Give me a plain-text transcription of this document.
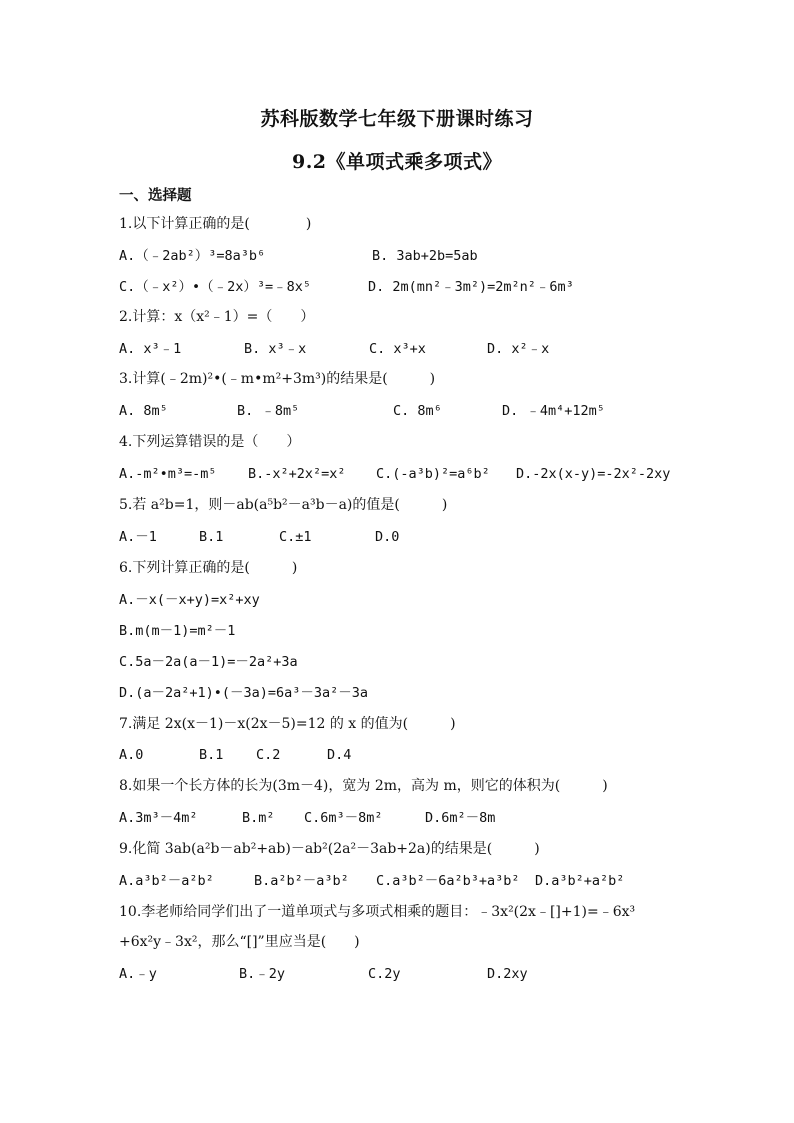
苏科版数学七年级下册课时练习
9.2《单项式乘多项式》
一、选择题
1.以下计算正确的是(　　　　)
A.（﹣2ab²）³=8a³b⁶	B. 3ab+2b=5ab
C.（﹣x²）•（﹣2x）³=﹣8x⁵	D. 2m(mn²﹣3m²)=2m²n²﹣6m³
2.计算：x（x²﹣1）=（　　）
A. x³﹣1	B. x³﹣x	C. x³+x	D. x²﹣x
3.计算(﹣2m)²•(﹣m•m²+3m³)的结果是(　　　)
A. 8m⁵	B. ﹣8m⁵	C. 8m⁶	D. ﹣4m⁴+12m⁵
4.下列运算错误的是（　　）
A.-m²•m³=-m⁵ B.-x²+2x²=x² C.(-a³b)²=a⁶b² D.-2x(x-y)=-2x²-2xy
5.若 a²b=1，则－ab(a⁵b²－a³b－a)的值是(　　　)
A.－1	B.1	C.±1	D.0
6.下列计算正确的是(　　　)
A.－x(－x+y)=x²+xy
B.m(m－1)=m²－1
C.5a－2a(a－1)=－2a²+3a
D.(a－2a²+1)•(－3a)=6a³－3a²－3a
7.满足 2x(x－1)－x(2x－5)=12 的 x 的值为(　　　)
A.0	B.1 C.2	D.4
8.如果一个长方体的长为(3m－4)，宽为 2m，高为 m，则它的体积为(　　　)
A.3m³－4m²	B.m² C.6m³－8m²	D.6m²－8m
9.化简 3ab(a²b－ab²+ab)－ab²(2a²－3ab+2a)的结果是(　　　)
A.a³b²－a²b²	B.a²b²－a³b² C.a³b²－6a²b³+a³b² D.a³b²+a²b²
10.李老师给同学们出了一道单项式与多项式相乘的题目：﹣3x²(2x﹣[]+1)=﹣6x³
+6x²y﹣3x²，那么“[]”里应当是(　　)
A.﹣y	B.﹣2y	C.2y	D.2xy
